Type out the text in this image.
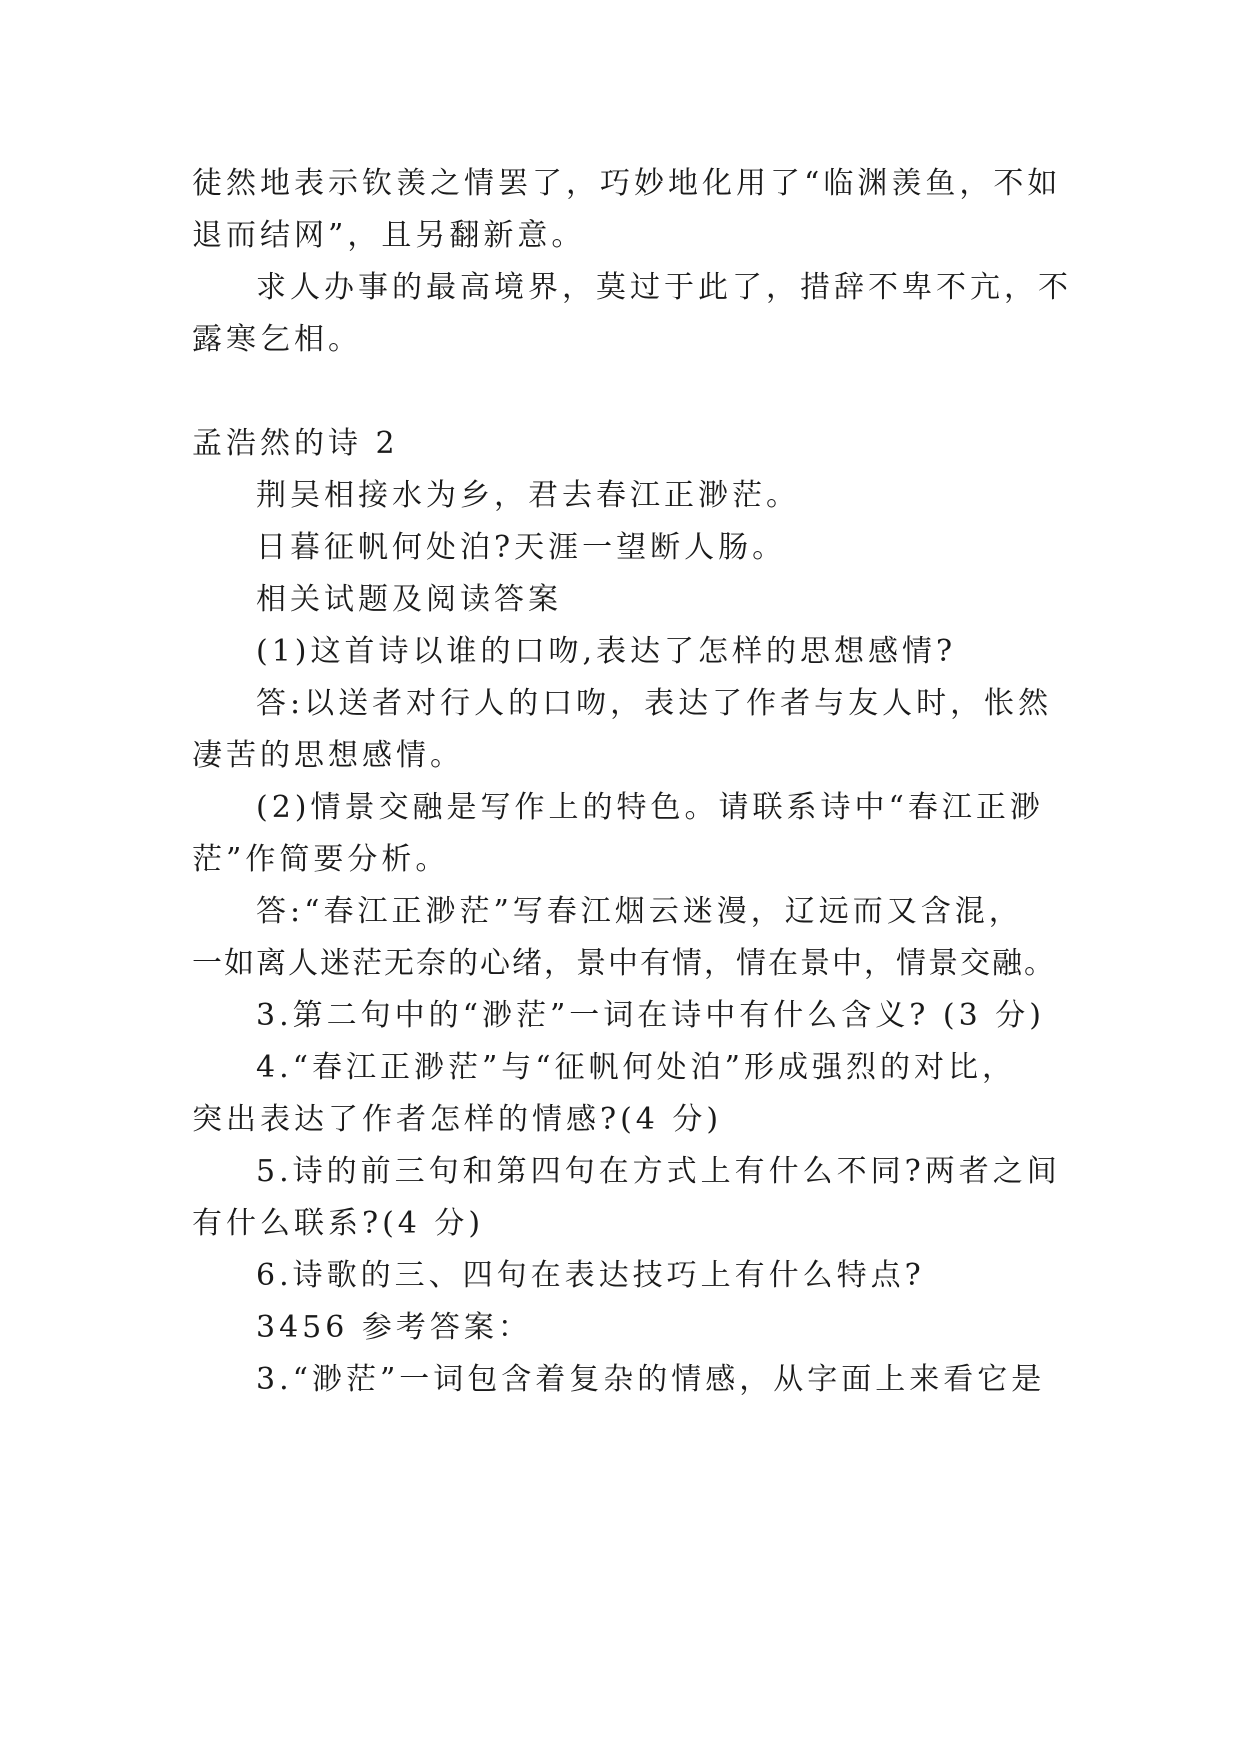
徒然地表示钦羡之情罢了，巧妙地化用了“临渊羡鱼，不如
退而结网”，且另翻新意。
求人办事的最高境界，莫过于此了，措辞不卑不亢，不
露寒乞相。
孟浩然的诗 2
荆吴相接水为乡，君去春江正渺茫。
日暮征帆何处泊?天涯一望断人肠。
相关试题及阅读答案
(1)这首诗以谁的口吻,表达了怎样的思想感情?
答:以送者对行人的口吻，表达了作者与友人时，怅然
凄苦的思想感情。
(2)情景交融是写作上的特色。请联系诗中“春江正渺
茫”作简要分析。
答:“春江正渺茫”写春江烟云迷漫，辽远而又含混，
一如离人迷茫无奈的心绪，景中有情，情在景中，情景交融。
3.第二句中的“渺茫”一词在诗中有什么含义? (3 分)
4.“春江正渺茫”与“征帆何处泊”形成强烈的对比，
突出表达了作者怎样的情感?(4 分)
5.诗的前三句和第四句在方式上有什么不同?两者之间
有什么联系?(4 分)
6.诗歌的三、四句在表达技巧上有什么特点?
3456 参考答案：
3.“渺茫”一词包含着复杂的情感，从字面上来看它是
